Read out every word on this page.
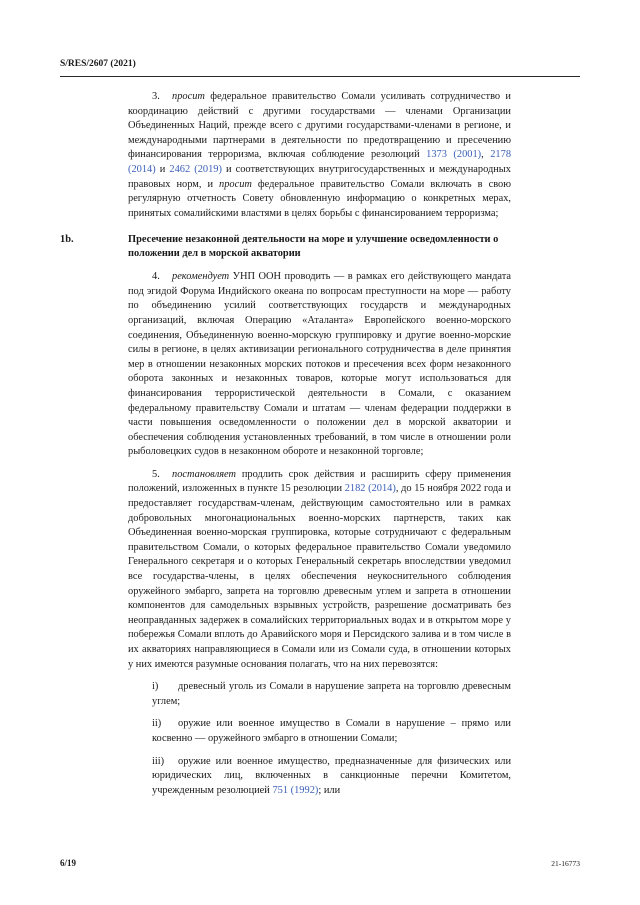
S/RES/2607 (2021)

3. просит федеральное правительство Сомали усиливать сотрудничество и координацию действий с другими государствами — членами Организации Объединенных Наций, прежде всего с другими государствами-членами в регионе, и международными партнерами в деятельности по предотвращению и пресечению финансирования терроризма, включая соблюдение резолюций 1373 (2001), 2178 (2014) и 2462 (2019) и соответствующих внутригосударственных и международных правовых норм, и просит федеральное правительство Сомали включать в свою регулярную отчетность Совету обновленную информацию о конкретных мерах, принятых сомалийскими властями в целях борьбы с финансированием терроризма;

1b.	Пресечение незаконной деятельности на море и улучшение осведомленности о положении дел в морской акватории

4. рекомендует УНП ООН проводить — в рамках его действующего мандата под эгидой Форума Индийского океана по вопросам преступности на море — работу по объединению усилий соответствующих государств и международных организаций, включая Операцию «Аталанта» Европейского военно-морского соединения, Объединенную военно-морскую группировку и другие военно-морские силы в регионе, в целях активизации регионального сотрудничества в деле принятия мер в отношении незаконных морских потоков и пресечения всех форм незаконного оборота законных и незаконных товаров, которые могут использоваться для финансирования террористической деятельности в Сомали, с оказанием федеральному правительству Сомали и штатам — членам федерации поддержки в части повышения осведомленности о положении дел в морской акватории и обеспечения соблюдения установленных требований, в том числе в отношении роли рыболовецких судов в незаконном обороте и незаконной торговле;

5. постановляет продлить срок действия и расширить сферу применения положений, изложенных в пункте 15 резолюции 2182 (2014), до 15 ноября 2022 года и предоставляет государствам-членам, действующим самостоятельно или в рамках добровольных многонациональных военно-морских партнерств, таких как Объединенная военно-морская группировка, которые сотрудничают с федеральным правительством Сомали, о которых федеральное правительство Сомали уведомило Генерального секретаря и о которых Генеральный секретарь впоследствии уведомил все государства-члены, в целях обеспечения неукоснительного соблюдения оружейного эмбарго, запрета на торговлю древесным углем и запрета в отношении компонентов для самодельных взрывных устройств, разрешение досматривать без неоправданных задержек в сомалийских территориальных водах и в открытом море у побережья Сомали вплоть до Аравийского моря и Персидского залива и в том числе в их акваториях направляющиеся в Сомали или из Сомали суда, в отношении которых у них имеются разумные основания полагать, что на них перевозятся:

i) древесный уголь из Сомали в нарушение запрета на торговлю древесным углем;

ii) оружие или военное имущество в Сомали в нарушение – прямо или косвенно — оружейного эмбарго в отношении Сомали;

iii) оружие или военное имущество, предназначенные для физических или юридических лиц, включенных в санкционные перечни Комитетом, учрежденным резолюцией 751 (1992); или

6/19	21-16773
